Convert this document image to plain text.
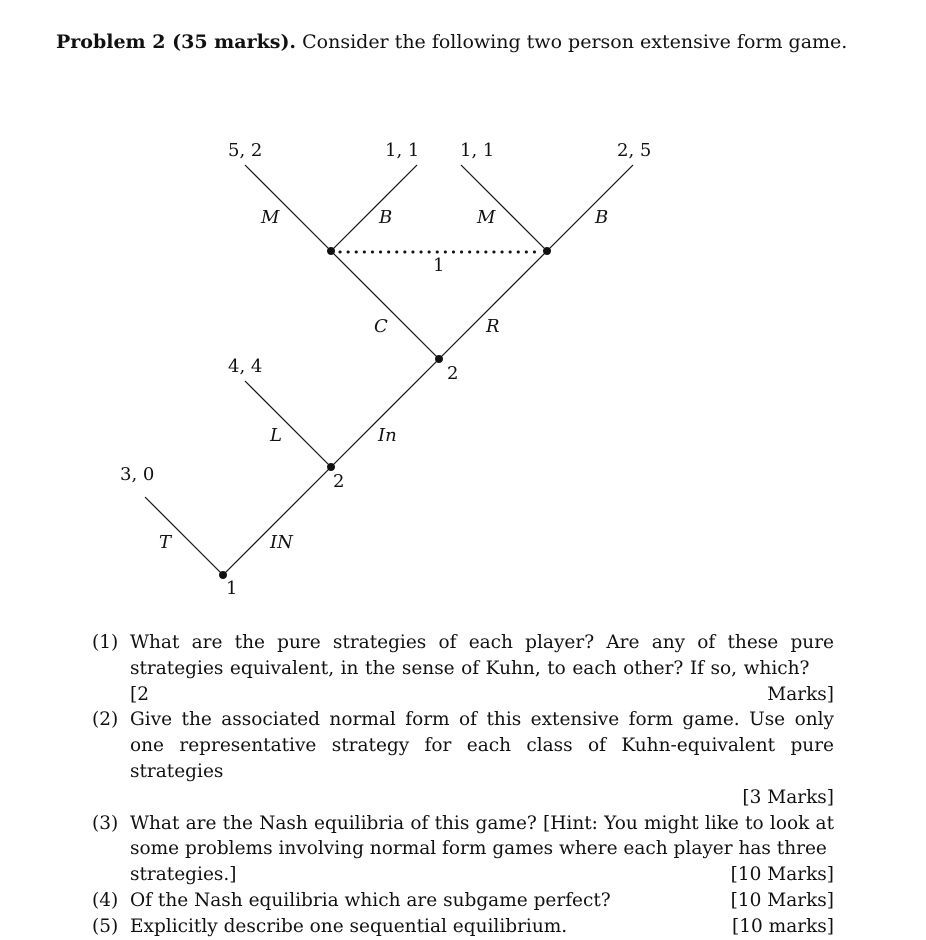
Problem 2 (35 marks). Consider the following two person extensive form game.
5, 2	1, 1 1, 1	2, 5
4, 4
3, 0
M	B	M	B
C	R
L	In
T	IN
1
2
2
1
(1) What are the pure strategies of each player? Are any of these pure strategies equivalent, in the sense of Kuhn, to each other? If so, which?  [2 Marks]
(2) Give the associated normal form of this extensive form game. Use only one representative strategy for each class of Kuhn-equivalent pure strategies
[3 Marks]
(3) What are the Nash equilibria of this game? [Hint: You might like to look at some problems involving normal form games where each player has three
strategies.]	[10 Marks]
(4) Of the Nash equilibria which are subgame perfect?	[10 Marks]
(5) Explicitly describe one sequential equilibrium.	[10 marks]
